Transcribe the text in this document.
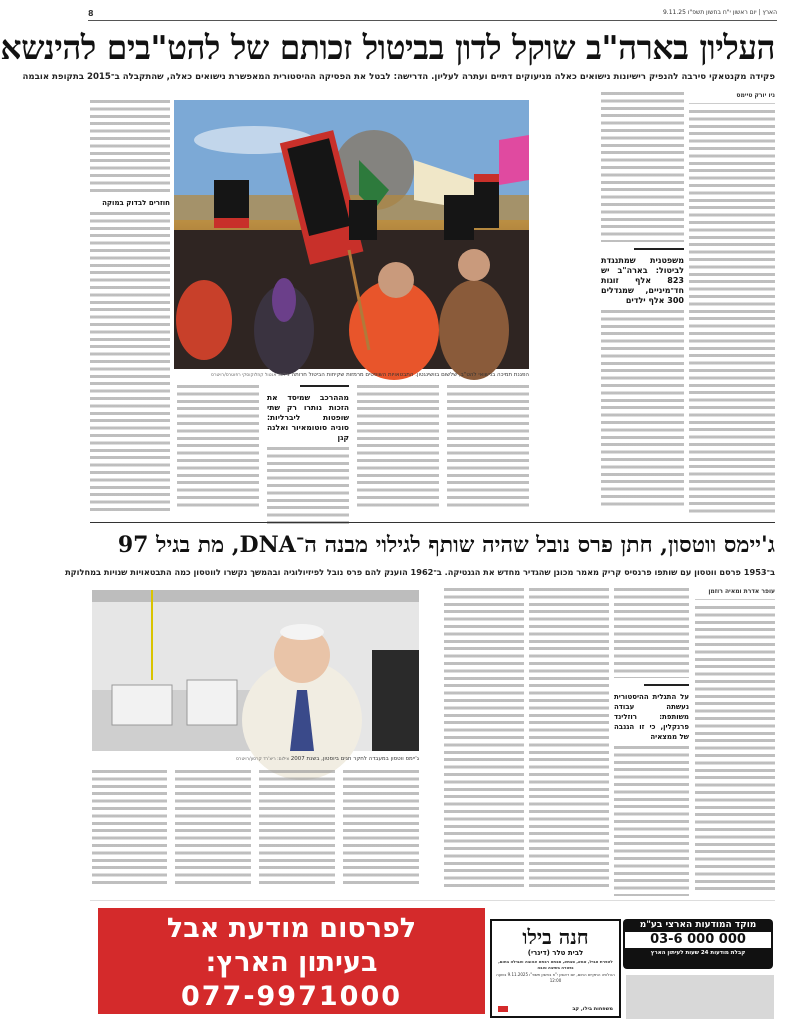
8	הארץ | יום ראשון י"ח בחשון תשפ"ו 9.11.25
העליון בארה"ב שוקל לדון בביטול זכותם של להט"בים להינשא
פקידה מקנטאקי סירבה להנפיק רישיונות נישואים כאלה מניעוקים דתיים ועתרה לעליון. הדרישה: לבטל את הפסיקה ההיסטורית המאפשרת נישואים כאלה, שהתקבלה ב־2015 בתקופת אובמה
ניו יורק טיימס
משפטנית שמתנגדת לביטול: בארה"ב יש 823 אלף זוגות חד־מיניים, שמגדלים 300 אלף ילדים
הפגנת תמיכה בנישואי להט"ב, שלשום בוושינגטון. התבטאויות השופטים מרמזות שקיחות הביטול חרותה צילום: אנטול קוזלוקוסקי רפוטרס/רויטרס
חוזרים לבדוק במוקה
מההרכב שמיסד את הזכות נותרו רק שתי שופטות ליברליות: סוניה סוטומאיור ואלנה קגן
ג'יימס ווטסון, חתן פרס נובל שהיה שותף לגילוי מבנה ה־DNA, מת בגיל 97
ב־1953 פרסם ווטסון עם שותפו פרנסיס קריק מאמר מכונן שהגדיר מחדש את הגנטיקה. ב־1962 הוענק להם פרס נובל לפיזיולוגיה ובהמשך נקשרו לווטסון כמה התבטאויות שנויות במחלוקת
עופר אדרת ומאיה רוזמן
על התגלית ההיסטורית נעשתה עבודה משותפת: רוזלינד פרנקלין, כי זו הגנבה של ממצאיה
ג'יימס ווטסון במעבדה לחקר חגים ביוסטון, בשנת 2007 צילום: ריצ'רד קרסון/רויטרס
לפרסום מודעת אבל
בעיתון הארץ:
077-9971000
חנה בילו
לבית טלר (דינרי)
להפרת אביל, אמא, סבתא, סבתא רבתא אהובה ואבילה בחום, נפטרה בשיבה טובה
ההלוויה התקיים החום, יום ראשון י"ח בחשון תשפ"ו 9.11.2025 בשעה 12:00
משפחות בילו, קב
מוקד המודעות הארצי בע"מ
03-6 000 000
קבלת מודעות 24 שעות לעיתון הארץ
